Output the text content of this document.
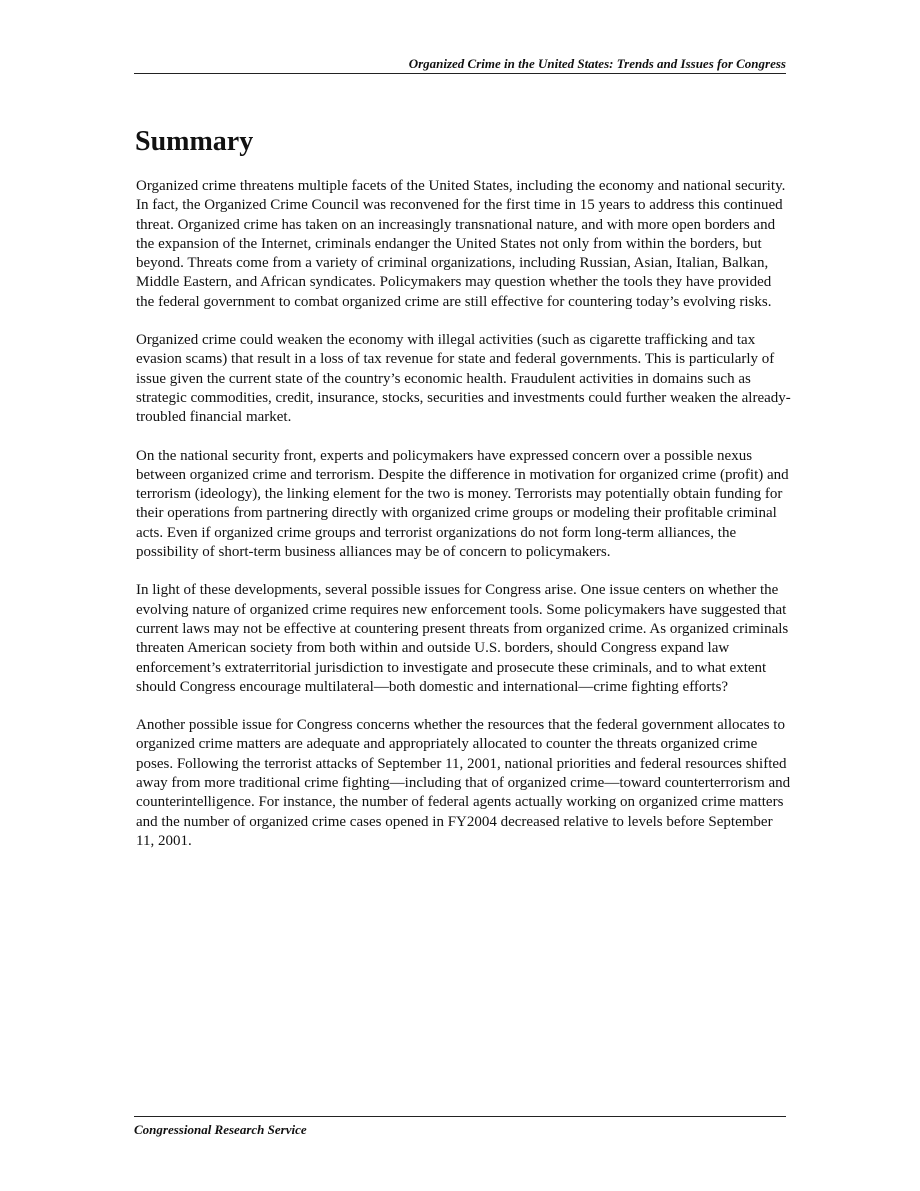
Organized Crime in the United States: Trends and Issues for Congress
Summary

Organized crime threatens multiple facets of the United States, including the economy and national security. In fact, the Organized Crime Council was reconvened for the first time in 15 years to address this continued threat. Organized crime has taken on an increasingly transnational nature, and with more open borders and the expansion of the Internet, criminals endanger the United States not only from within the borders, but beyond. Threats come from a variety of criminal organizations, including Russian, Asian, Italian, Balkan, Middle Eastern, and African syndicates. Policymakers may question whether the tools they have provided the federal government to combat organized crime are still effective for countering today’s evolving risks.

Organized crime could weaken the economy with illegal activities (such as cigarette trafficking and tax evasion scams) that result in a loss of tax revenue for state and federal governments. This is particularly of issue given the current state of the country’s economic health. Fraudulent activities in domains such as strategic commodities, credit, insurance, stocks, securities and investments could further weaken the already-troubled financial market.

On the national security front, experts and policymakers have expressed concern over a possible nexus between organized crime and terrorism. Despite the difference in motivation for organized crime (profit) and terrorism (ideology), the linking element for the two is money. Terrorists may potentially obtain funding for their operations from partnering directly with organized crime groups or modeling their profitable criminal acts. Even if organized crime groups and terrorist organizations do not form long-term alliances, the possibility of short-term business alliances may be of concern to policymakers.

In light of these developments, several possible issues for Congress arise. One issue centers on whether the evolving nature of organized crime requires new enforcement tools. Some policymakers have suggested that current laws may not be effective at countering present threats from organized crime. As organized criminals threaten American society from both within and outside U.S. borders, should Congress expand law enforcement’s extraterritorial jurisdiction to investigate and prosecute these criminals, and to what extent should Congress encourage multilateral—both domestic and international—crime fighting efforts?

Another possible issue for Congress concerns whether the resources that the federal government allocates to organized crime matters are adequate and appropriately allocated to counter the threats organized crime poses. Following the terrorist attacks of September 11, 2001, national priorities and federal resources shifted away from more traditional crime fighting—including that of organized crime—toward counterterrorism and counterintelligence. For instance, the number of federal agents actually working on organized crime matters and the number of organized crime cases opened in FY2004 decreased relative to levels before September 11, 2001.

Congressional Research Service
